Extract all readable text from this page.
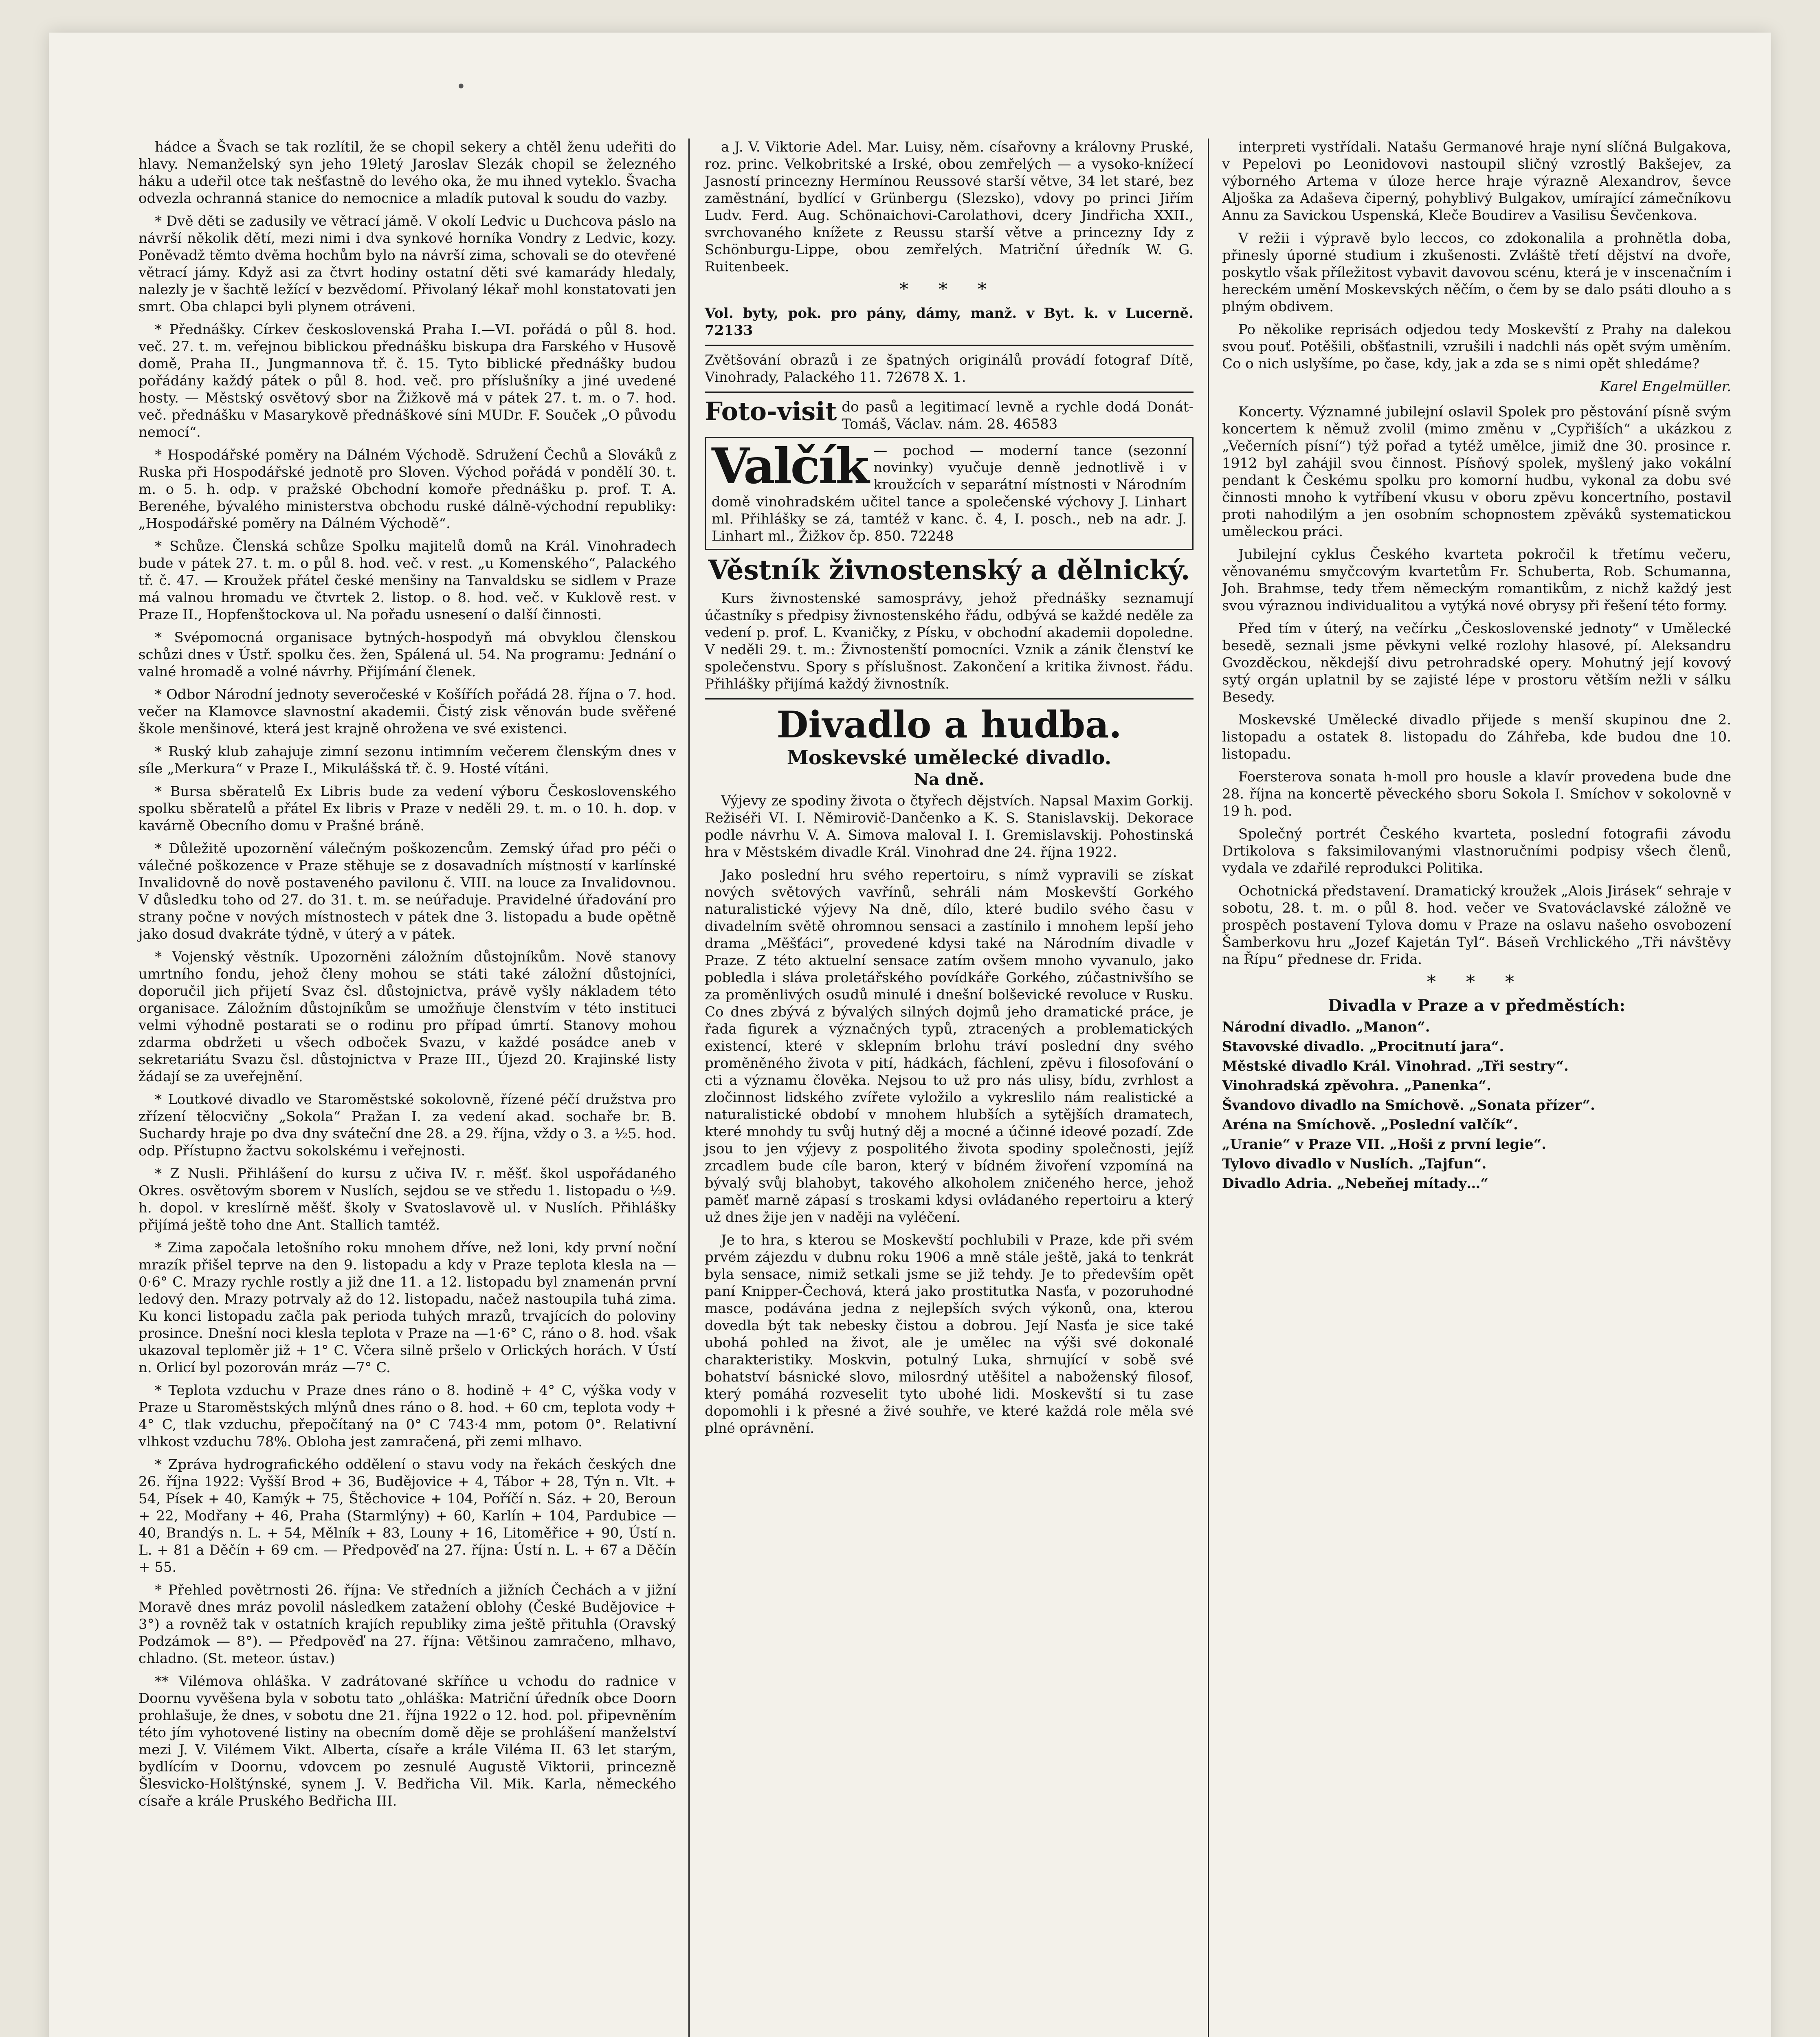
•

hádce a Švach se tak rozlítil, že se chopil sekery a chtěl ženu udeřiti do hlavy. Nemanželský syn jeho 19letý Jaroslav Slezák chopil se železného háku a udeřil otce tak nešťastně do levého oka, že mu ihned vyteklo. Švacha odvezla ochranná stanice do nemocnice a mladík putoval k soudu do vazby.

* Dvě děti se zadusily ve větrací jámě. V okolí Ledvic u Duchcova páslo na návrší několik dětí, mezi nimi i dva synkové horníka Vondry z Ledvic, kozy. Poněvadž těmto dvěma hochům bylo na návrší zima, schovali se do otevřené větrací jámy. Když asi za čtvrt hodiny ostatní děti své kamarády hledaly, nalezly je v šachtě ležící v bezvědomí. Přivolaný lékař mohl konstatovati jen smrt. Oba chlapci byli plynem otráveni.

* Přednášky. Církev československá Praha I.—VI. pořádá o půl 8. hod. več. 27. t. m. veřejnou biblickou přednášku biskupa dra Farského v Husově domě, Praha II., Jungmannova tř. č. 15. Tyto biblické přednášky budou pořádány každý pátek o půl 8. hod. več. pro příslušníky a jiné uvedené hosty. — Městský osvětový sbor na Žižkově má v pátek 27. t. m. o 7. hod. več. přednášku v Masarykově přednáškové síni MUDr. F. Souček „O původu nemocí“.

* Hospodářské poměry na Dálném Východě. Sdružení Čechů a Slováků z Ruska při Hospodářské jednotě pro Sloven. Východ pořádá v pondělí 30. t. m. o 5. h. odp. v pražské Obchodní komoře přednášku p. prof. T. A. Berenéhe, bývalého ministerstva obchodu ruské dálně-východní republiky: „Hospodářské poměry na Dálném Východě“.

* Schůze. Členská schůze Spolku majitelů domů na Král. Vinohradech bude v pátek 27. t. m. o půl 8. hod. več. v rest. „u Komenského“, Palackého tř. č. 47. — Kroužek přátel české menšiny na Tanvaldsku se sidlem v Praze má valnou hromadu ve čtvrtek 2. listop. o 8. hod. več. v Kuklově rest. v Praze II., Hopfenštockova ul. Na pořadu usnesení o další činnosti.

* Svépomocná organisace bytných-hospodyň má obvyklou členskou schůzi dnes v Ústř. spolku čes. žen, Spálená ul. 54. Na programu: Jednání o valné hromadě a volné návrhy. Přijímání členek.

* Odbor Národní jednoty severočeské v Košířích pořádá 28. října o 7. hod. večer na Klamovce slavnostní akademii. Čistý zisk věnován bude svěřené škole menšinové, která jest krajně ohrožena ve své existenci.

* Ruský klub zahajuje zimní sezonu intimním večerem členským dnes v síle „Merkura“ v Praze I., Mikulášská tř. č. 9. Hosté vítáni.

* Bursa sběratelů Ex Libris bude za vedení výboru Československého spolku sběratelů a přátel Ex libris v Praze v neděli 29. t. m. o 10. h. dop. v kavárně Obecního domu v Prašné bráně.

* Důležitě upozornění válečným poškozencům. Zemský úřad pro péči o válečné poškozence v Praze stěhuje se z dosavadních místností v karlínské Invalidovně do nově postaveného pavilonu č. VIII. na louce za Invalidovnou. V důsledku toho od 27. do 31. t. m. se neúřaduje. Pravidelné úřadování pro strany počne v nových místnostech v pátek dne 3. listopadu a bude opětně jako dosud dvakráte týdně, v úterý a v pátek.

* Vojenský věstník. Upozorněni záložním důstojníkům. Nově stanovy umrtního fondu, jehož členy mohou se státi také záložní důstojníci, doporučil jich přijetí Svaz čsl. důstojnictva, právě vyšly nákladem této organisace. Záložním důstojníkům se umožňuje členstvím v této instituci velmi výhodně postarati se o rodinu pro případ úmrtí. Stanovy mohou zdarma obdržeti u všech odboček Svazu, v každé posádce aneb v sekretariátu Svazu čsl. důstojnictva v Praze III., Újezd 20. Krajinské listy žádají se za uveřejnění.

* Loutkové divadlo ve Staroměstské sokolovně, řízené péčí družstva pro zřízení tělocvičny „Sokola“ Pražan I. za vedení akad. sochaře br. B. Suchardy hraje po dva dny sváteční dne 28. a 29. října, vždy o 3. a ⅟₂5. hod. odp. Přístupno žactvu sokolskému i veřejnosti.

* Z Nusli. Přihlášení do kursu z učiva IV. r. měšť. škol uspořádaného Okres. osvětovým sborem v Nuslích, sejdou se ve středu 1. listopadu o ⅟₂9. h. dopol. v kreslírně měšť. školy v Svatoslavově ul. v Nuslích. Přihlášky přijímá ještě toho dne Ant. Stallich tamtéž.

* Zima započala letošního roku mnohem dříve, než loni, kdy první noční mrazík přišel teprve na den 9. listopadu a kdy v Praze teplota klesla na —0·6° C. Mrazy rychle rostly a již dne 11. a 12. listopadu byl znamenán první ledový den. Mrazy potrvaly až do 12. listopadu, načež nastoupila tuhá zima. Ku konci listopadu začla pak perioda tuhých mrazů, trvajících do poloviny prosince. Dnešní noci klesla teplota v Praze na —1·6° C, ráno o 8. hod. však ukazoval teploměr již + 1° C. Včera silně pršelo v Orlických horách. V Ústí n. Orlicí byl pozorován mráz —7° C.

* Teplota vzduchu v Praze dnes ráno o 8. hodině + 4° C, výška vody v Praze u Staroměstských mlýnů dnes ráno o 8. hod. + 60 cm, teplota vody + 4° C, tlak vzduchu, přepočítaný na 0° C 743·4 mm, potom 0°. Relativní vlhkost vzduchu 78%. Obloha jest zamračená, při zemi mlhavo.

* Zpráva hydrografického oddělení o stavu vody na řekách českých dne 26. října 1922: Vyšší Brod + 36, Budějovice + 4, Tábor + 28, Týn n. Vlt. + 54, Písek + 40, Kamýk + 75, Štěchovice + 104, Poříčí n. Sáz. + 20, Beroun + 22, Modřany + 46, Praha (Starmlýny) + 60, Karlín + 104, Pardubice — 40, Brandýs n. L. + 54, Mělník + 83, Louny + 16, Litoměřice + 90, Ústí n. L. + 81 a Děčín + 69 cm. — Předpověď na 27. října: Ústí n. L. + 67 a Děčín + 55.

* Přehled povětrnosti 26. října: Ve středních a jižních Čechách a v jižní Moravě dnes mráz povolil následkem zatažení oblohy (České Budějovice + 3°) a rovněž tak v ostatních krajích republiky zima ještě přituhla (Oravský Podzámok — 8°). — Předpověď na 27. října: Většinou zamračeno, mlhavo, chladno. (St. meteor. ústav.)

** Vilémova ohláška. V zadrátované skříňce u vchodu do radnice v Doornu vyvěšena byla v sobotu tato „ohláška: Matriční úředník obce Doorn prohlašuje, že dnes, v sobotu dne 21. října 1922 o 12. hod. pol. připevněním této jím vyhotovené listiny na obecním domě děje se prohlášení manželství mezi J. V. Vilémem Vikt. Alberta, císaře a krále Viléma II. 63 let starým, bydlícím v Doornu, vdovcem po zesnulé Augustě Viktorii, princezně Šlesvicko-Holštýnské, synem J. V. Bedřicha Vil. Mik. Karla, německého císaře a krále Pruského Bedřicha III.

a J. V. Viktorie Adel. Mar. Luisy, něm. císařovny a královny Pruské, roz. princ. Velkobritské a Irské, obou zemřelých — a vysoko-knížecí Jasností princezny Hermínou Reussové starší větve, 34 let staré, bez zaměstnání, bydlící v Grünbergu (Slezsko), vdovy po princi Jiřím Ludv. Ferd. Aug. Schönaichovi-Carolathovi, dcery Jindřicha XXII., svrchovaného knížete z Reussu starší větve a princezny Idy z Schönburgu-Lippe, obou zemřelých. Matriční úředník W. G. Ruitenbeek.

* * *

Vol. byty, pok. pro pány, dámy, manž. v Byt. k. v Lucerně. 72133

Zvětšování obrazů i ze špatných originálů provádí fotograf Dítě, Vinohrady, Palackého 11. 72678 X. 1.

Foto-visit do pasů a legitimací levně a rychle dodá Donát-Tomáš, Václav. nám. 28. 46583
Valčík — pochod — moderní tance (sezonní novinky) vyučuje denně jednotlivě i v kroužcích v separátní místnosti v Národním domě vinohradském učitel tance a společenské výchovy J. Linhart ml. Přihlášky se zá, tamtéž v kanc. č. 4, I. posch., neb na adr. J. Linhart ml., Žižkov čp. 850. 72248
Věstník živnostenský a dělnický.

Kurs živnostenské samosprávy, jehož přednášky seznamují účastníky s předpisy živnostenského řádu, odbývá se každé neděle za vedení p. prof. L. Kvaničky, z Písku, v obchodní akademii dopoledne. V neděli 29. t. m.: Živnostenští pomocníci. Vznik a zánik členství ke společenstvu. Spory s příslušnost. Zakončení a kritika živnost. řádu. Přihlášky přijímá každý živnostník.

Divadlo a hudba.
Moskevské umělecké divadlo.
Na dně.

Výjevy ze spodiny života o čtyřech dějstvích. Napsal Maxim Gorkij. Režiséři VI. I. Němirovič-Dančenko a K. S. Stanislavskij. Dekorace podle návrhu V. A. Simova maloval I. I. Gremislavskij. Pohostinská hra v Městském divadle Král. Vinohrad dne 24. října 1922.

Jako poslední hru svého repertoiru, s nímž vypravili se získat nových světových vavřínů, sehráli nám Moskevští Gorkého naturalistické výjevy Na dně, dílo, které budilo svého času v divadelním světě ohromnou sensaci a zastínilo i mnohem lepší jeho drama „Měšťáci“, provedené kdysi také na Národním divadle v Praze. Z této aktuelní sensace zatím ovšem mnoho vyvanulo, jako pobledla i sláva proletářského povídkáře Gorkého, zúčastnivšího se za proměnlivých osudů minulé i dnešní bolševické revoluce v Rusku. Co dnes zbývá z bývalých silných dojmů jeho dramatické práce, je řada figurek a význačných typů, ztracených a problematických existencí, které v sklepním brlohu tráví poslední dny svého proměněného života v pití, hádkách, fáchlení, zpěvu i filosofování o cti a významu člověka. Nejsou to už pro nás ulisy, bídu, zvrhlost a zločinnost lidského zvířete vyložilo a vykreslilo nám realistické a naturalistické období v mnohem hlubších a sytějších dramatech, které mnohdy tu svůj hutný děj a mocné a účinné ideové pozadí. Zde jsou to jen výjevy z pospolitého života spodiny společnosti, jejíž zrcadlem bude cíle baron, který v bídném živoření vzpomíná na bývalý svůj blahobyt, takového alkoholem zničeného herce, jehož paměť marně zápasí s troskami kdysi ovládaného repertoiru a který už dnes žije jen v naději na vyléčení.

Je to hra, s kterou se Moskevští pochlubili v Praze, kde při svém prvém zájezdu v dubnu roku 1906 a mně stále ještě, jaká to tenkrát byla sensace, nimiž setkali jsme se již tehdy. Je to především opět paní Knipper-Čechová, která jako prostitutka Nasťa, v pozoruhodné masce, podávána jedna z nejlepších svých výkonů, ona, kterou dovedla být tak nebesky čistou a dobrou. Její Nasťa je sice také ubohá pohled na život, ale je umělec na výši své dokonalé charakteristiky. Moskvin, potulný Luka, shrnující v sobě své bohatství básnické slovo, milosrdný utěšitel a naboženský filosof, který pomáhá rozveselit tyto ubohé lidi. Moskevští si tu zase dopomohli i k přesné a živé souhře, ve které každá role měla své plné oprávnění.

interpreti vystřídali. Natašu Germanové hraje nyní slíčná Bulgakova, v Pepelovi po Leonidovovi nastoupil sličný vzrostlý Bakšejev, za výborného Artema v úloze herce hraje výrazně Alexandrov, ševce Aljoška za Adaševa čiperný, pohyblivý Bulgakov, umírající zámečníkovu Annu za Savickou Uspenská, Kleče Boudirev a Vasilisu Ševčenkova.

V režii i výpravě bylo leccos, co zdokonalila a prohnětla doba, přinesly úporné studium i zkušenosti. Zvláště třetí dějství na dvoře, poskytlo však příležitost vybavit davovou scénu, která je v inscenačním i hereckém umění Moskevských něčím, o čem by se dalo psáti dlouho a s plným obdivem.

Po několike reprisách odjedou tedy Moskevští z Prahy na dalekou svou pouť. Potěšili, obšťastnili, vzrušili i nadchli nás opět svým uměním. Co o nich uslyšíme, po čase, kdy, jak a zda se s nimi opět shledáme?

Karel Engelmüller.

Koncerty. Významné jubilejní oslavil Spolek pro pěstování písně svým koncertem k němuž zvolil (mimo změnu v „Cypřiších“ a ukázkou z „Večerních písní“) týž pořad a tytéž umělce, jimiž dne 30. prosince r. 1912 byl zahájil svou činnost. Písňový spolek, myšlený jako vokální pendant k Českému spolku pro komorní hudbu, vykonal za dobu své činnosti mnoho k vytříbení vkusu v oboru zpěvu koncertního, postavil proti nahodilým a jen osobním schopnostem zpěváků systematickou uměleckou práci.

Jubilejní cyklus Českého kvarteta pokročil k třetímu večeru, věnovanému smyčcovým kvartetům Fr. Schuberta, Rob. Schumanna, Joh. Brahmse, tedy třem německým romantikům, z nichž každý jest svou výraznou individualitou a vytýká nové obrysy při řešení této formy.

Před tím v úterý, na večírku „Československé jednoty“ v Umělecké besedě, seznali jsme pěvkyni velké rozlohy hlasové, pí. Aleksandru Gvozděckou, někdejší divu petrohradské opery. Mohutný její kovový sytý orgán uplatnil by se zajisté lépe v prostoru větším nežli v sálku Besedy.

Moskevské Umělecké divadlo přijede s menší skupinou dne 2. listopadu a ostatek 8. listopadu do Záhřeba, kde budou dne 10. listopadu.

Foersterova sonata h-moll pro housle a klavír provedena bude dne 28. října na koncertě pěveckého sboru Sokola I. Smíchov v sokolovně v 19 h. pod.

Společný portrét Českého kvarteta, poslední fotografii závodu Drtikolova s faksimilovanými vlastnoručními podpisy všech členů, vydala ve zdařilé reprodukci Politika.

Ochotnická představení. Dramatický kroužek „Alois Jirásek“ sehraje v sobotu, 28. t. m. o půl 8. hod. večer ve Svatováclavské záložně ve prospěch postavení Tylova domu v Praze na oslavu našeho osvobození Šamberkovu hru „Jozef Kajetán Tyl“. Báseň Vrchlického „Tři návštěvy na Řípu“ přednese dr. Frida.

* * *
Divadla v Praze a v předměstích:

Národní divadlo. „Manon“.

Stavovské divadlo. „Procitnutí jara“.

Městské divadlo Král. Vinohrad. „Tři sestry“.

Vinohradská zpěvohra. „Panenka“.

Švandovo divadlo na Smíchově. „Sonata přízer“.

Aréna na Smíchově. „Poslední valčík“.

„Uranie“ v Praze VII. „Hoši z první legie“.

Tylovo divadlo v Nuslích. „Tajfun“.

Divadlo Adria. „Nebeňej mítady…“
